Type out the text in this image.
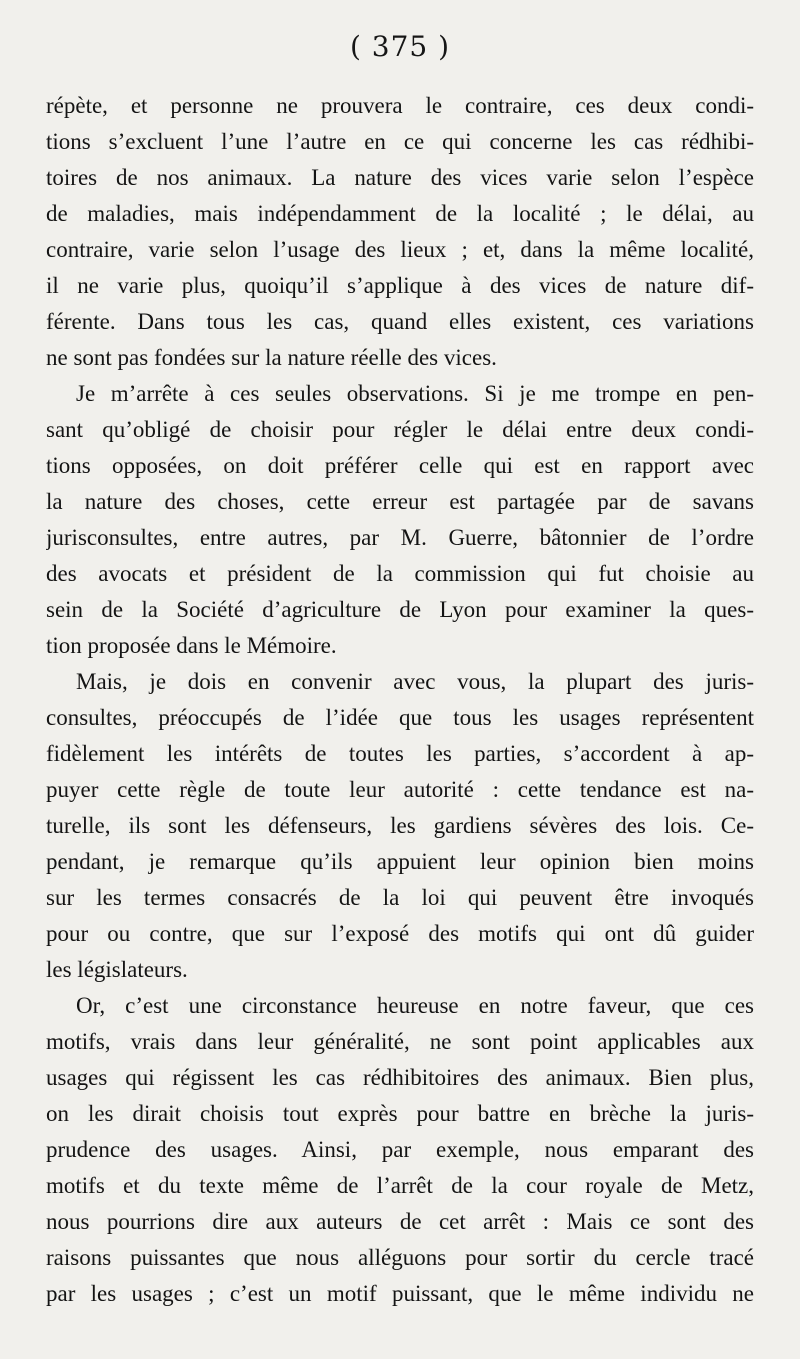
( 375 )
répète, et personne ne prouvera le contraire, ces deux condi-
tions s’excluent l’une l’autre en ce qui concerne les cas rédhibi-
toires de nos animaux. La nature des vices varie selon l’espèce
de maladies, mais indépendamment de la localité ; le délai, au
contraire, varie selon l’usage des lieux ; et, dans la même localité,
il ne varie plus, quoiqu’il s’applique à des vices de nature dif-
férente. Dans tous les cas, quand elles existent, ces variations
ne sont pas fondées sur la nature réelle des vices.
Je m’arrête à ces seules observations. Si je me trompe en pen-
sant qu’obligé de choisir pour régler le délai entre deux condi-
tions opposées, on doit préférer celle qui est en rapport avec
la nature des choses, cette erreur est partagée par de savans
jurisconsultes, entre autres, par M. Guerre, bâtonnier de l’ordre
des avocats et président de la commission qui fut choisie au
sein de la Société d’agriculture de Lyon pour examiner la ques-
tion proposée dans le Mémoire.
Mais, je dois en convenir avec vous, la plupart des juris-
consultes, préoccupés de l’idée que tous les usages représentent
fidèlement les intérêts de toutes les parties, s’accordent à ap-
puyer cette règle de toute leur autorité : cette tendance est na-
turelle, ils sont les défenseurs, les gardiens sévères des lois. Ce-
pendant, je remarque qu’ils appuient leur opinion bien moins
sur les termes consacrés de la loi qui peuvent être invoqués
pour ou contre, que sur l’exposé des motifs qui ont dû guider
les législateurs.
Or, c’est une circonstance heureuse en notre faveur, que ces
motifs, vrais dans leur généralité, ne sont point applicables aux
usages qui régissent les cas rédhibitoires des animaux. Bien plus,
on les dirait choisis tout exprès pour battre en brèche la juris-
prudence des usages. Ainsi, par exemple, nous emparant des
motifs et du texte même de l’arrêt de la cour royale de Metz,
nous pourrions dire aux auteurs de cet arrêt : Mais ce sont des
raisons puissantes que nous alléguons pour sortir du cercle tracé
par les usages ; c’est un motif puissant, que le même individu ne
